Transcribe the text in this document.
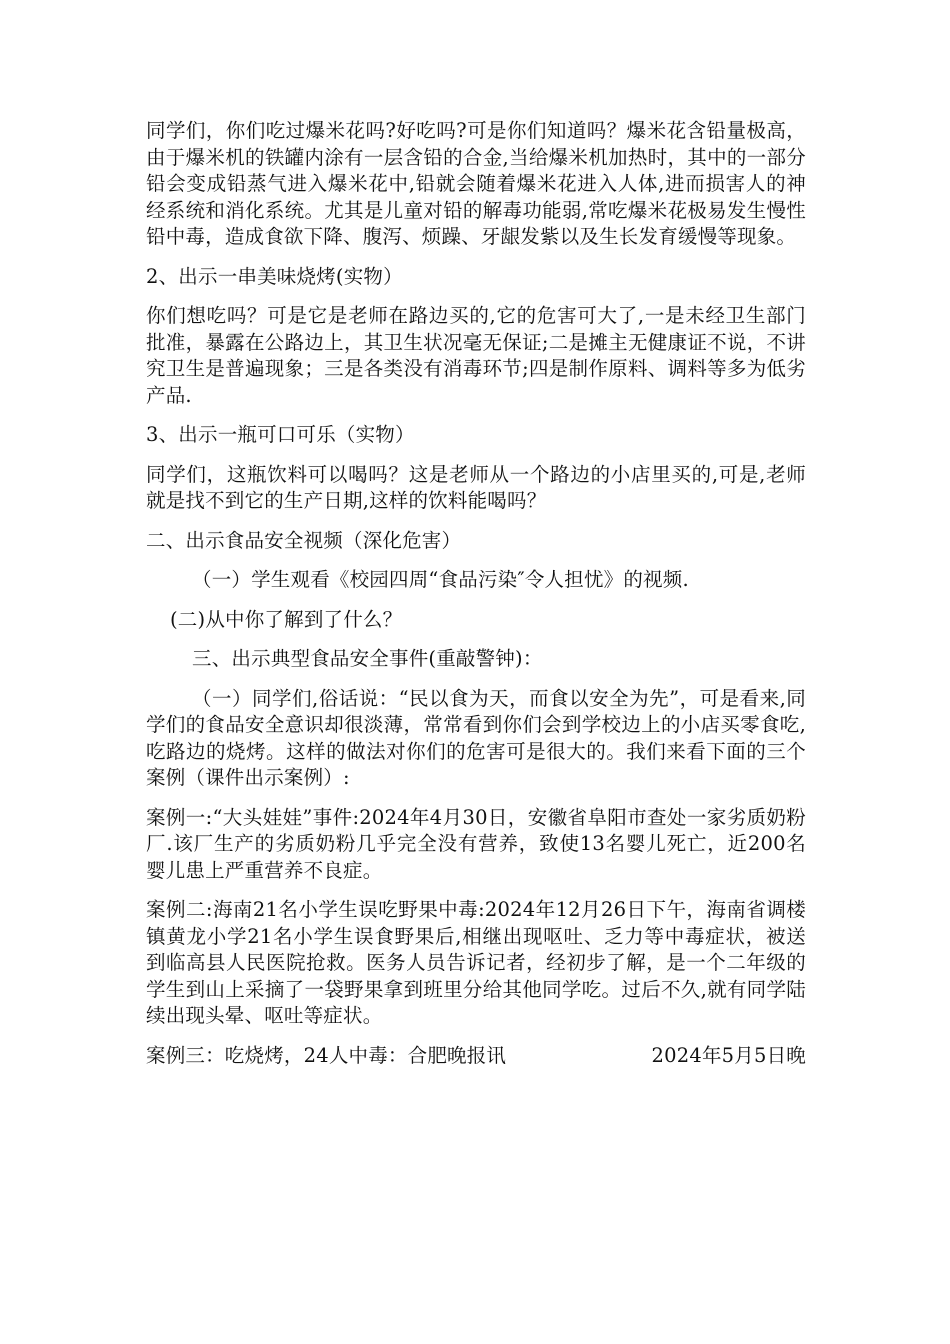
同学们，你们吃过爆米花吗?好吃吗?可是你们知道吗？爆米花含铅量极高，由于爆米机的铁罐内涂有一层含铅的合金,当给爆米机加热时，其中的一部分铅会变成铅蒸气进入爆米花中,铅就会随着爆米花进入人体,进而损害人的神经系统和消化系统。尤其是儿童对铅的解毒功能弱,常吃爆米花极易发生慢性铅中毒，造成食欲下降、腹泻、烦躁、牙龈发紫以及生长发育缓慢等现象。

2、出示一串美味烧烤(实物）

你们想吃吗？可是它是老师在路边买的,它的危害可大了,一是未经卫生部门批准，暴露在公路边上，其卫生状况毫无保证;二是摊主无健康证不说，不讲究卫生是普遍现象；三是各类没有消毒环节;四是制作原料、调料等多为低劣产品.

3、出示一瓶可口可乐（实物）

同学们，这瓶饮料可以喝吗？这是老师从一个路边的小店里买的,可是,老师就是找不到它的生产日期,这样的饮料能喝吗？

二、出示食品安全视频（深化危害）

（一）学生观看《校园四周“食品污染″令人担忧》的视频.

(二)从中你了解到了什么？

三、出示典型食品安全事件(重敲警钟)：

（一）同学们,俗话说：“民以食为天，而食以安全为先”，可是看来,同学们的食品安全意识却很淡薄，常常看到你们会到学校边上的小店买零食吃,吃路边的烧烤。这样的做法对你们的危害可是很大的。我们来看下面的三个案例（课件出示案例）:

案例一:“大头娃娃”事件:2024年4月30日，安徽省阜阳市查处一家劣质奶粉厂.该厂生产的劣质奶粉几乎完全没有营养，致使13名婴儿死亡，近200名婴儿患上严重营养不良症。

案例二:海南21名小学生误吃野果中毒:2024年12月26日下午，海南省调楼镇黄龙小学21名小学生误食野果后,相继出现呕吐、乏力等中毒症状，被送到临高县人民医院抢救。医务人员告诉记者，经初步了解，是一个二年级的学生到山上采摘了一袋野果拿到班里分给其他同学吃。过后不久,就有同学陆续出现头晕、呕吐等症状。

案例三：吃烧烤，24人中毒：合肥晚报讯	2024年5月5日晚
